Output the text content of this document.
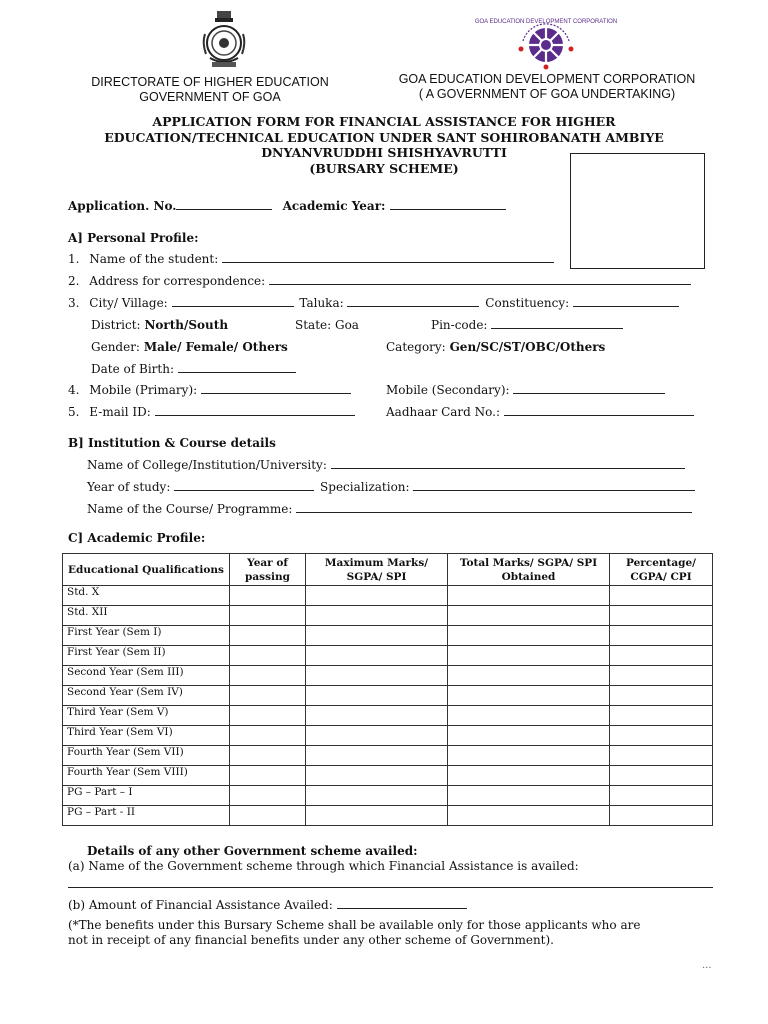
GOA EDUCATION DEVELOPMENT CORPORATION
DIRECTORATE OF HIGHER EDUCATION
GOVERNMENT OF GOA
GOA EDUCATION DEVELOPMENT CORPORATION
( A GOVERNMENT OF GOA UNDERTAKING)
APPLICATION FORM FOR FINANCIAL ASSISTANCE FOR HIGHER
EDUCATION/TECHNICAL EDUCATION UNDER SANT SOHIROBANATH AMBIYE
DNYANVRUDDHI SHISHYAVRUTTI
(BURSARY SCHEME)
Application. No.	Academic Year:
A] Personal Profile:
1. Name of the student:
2. Address for correspondence:
3. City/ Village:	Taluka:	Constituency:
District: North/South	State: Goa	Pin-code:
Gender: Male/ Female/ Others	Category: Gen/SC/ST/OBC/Others
Date of Birth:
4. Mobile (Primary):	Mobile (Secondary):
5. E-mail ID:	Aadhaar Card No.:
B] Institution & Course details
Name of College/Institution/University:
Year of study:	Specialization:
Name of the Course/ Programme:
C] Academic Profile:
Educational Qualifications	Year of passing	Maximum Marks/ SGPA/ SPI	Total Marks/ SGPA/ SPI Obtained	Percentage/ CGPA/ CPI
Std. X				
Std. XII				
First Year (Sem I)				
First Year (Sem II)				
Second Year (Sem III)				
Second Year (Sem IV)				
Third Year (Sem V)				
Third Year (Sem VI)				
Fourth Year (Sem VII)				
Fourth Year (Sem VIII)				
PG – Part – I				
PG – Part - II				
Details of any other Government scheme availed:
(a) Name of the Government scheme through which Financial Assistance is availed:
(b) Amount of Financial Assistance Availed:
(*The benefits under this Bursary Scheme shall be available only for those applicants who are
not in receipt of any financial benefits under any other scheme of Government).
...
